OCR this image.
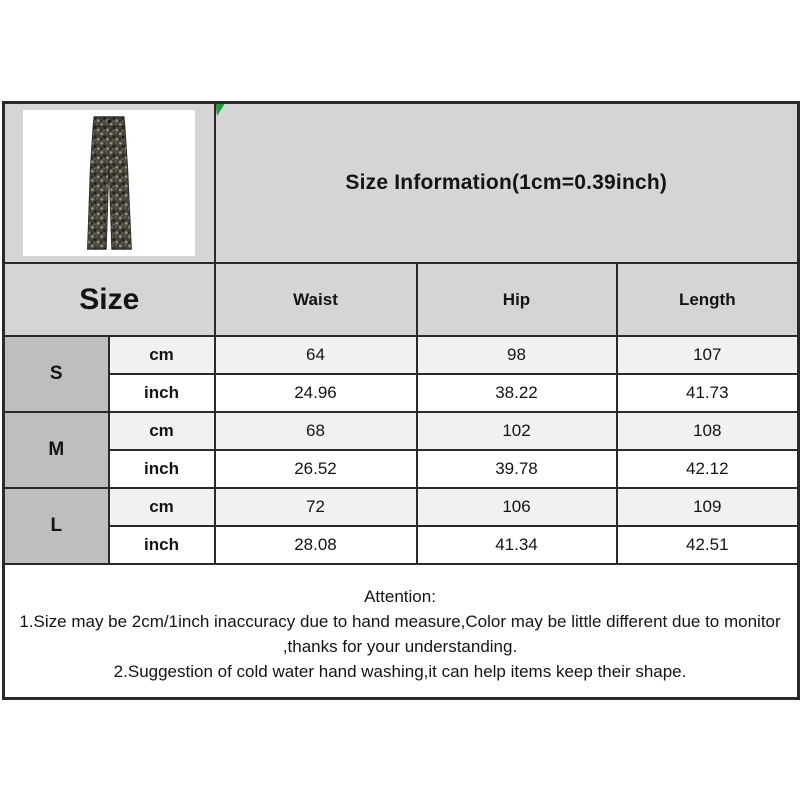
Size Information(1cm=0.39inch)		
Size		Waist	Hip	Length
S	cm	64	98	107
	inch	24.96	38.22	41.73
M	cm	68	102	108
	inch	26.52	39.78	42.12
L	cm	72	106	109
	inch	28.08	41.34	42.51

Attention:
1.Size may be 2cm/1inch inaccuracy due to hand measure,Color may be little different due to monitor ,thanks for your understanding.
2.Suggestion of cold water hand washing,it can help items keep their shape.				
